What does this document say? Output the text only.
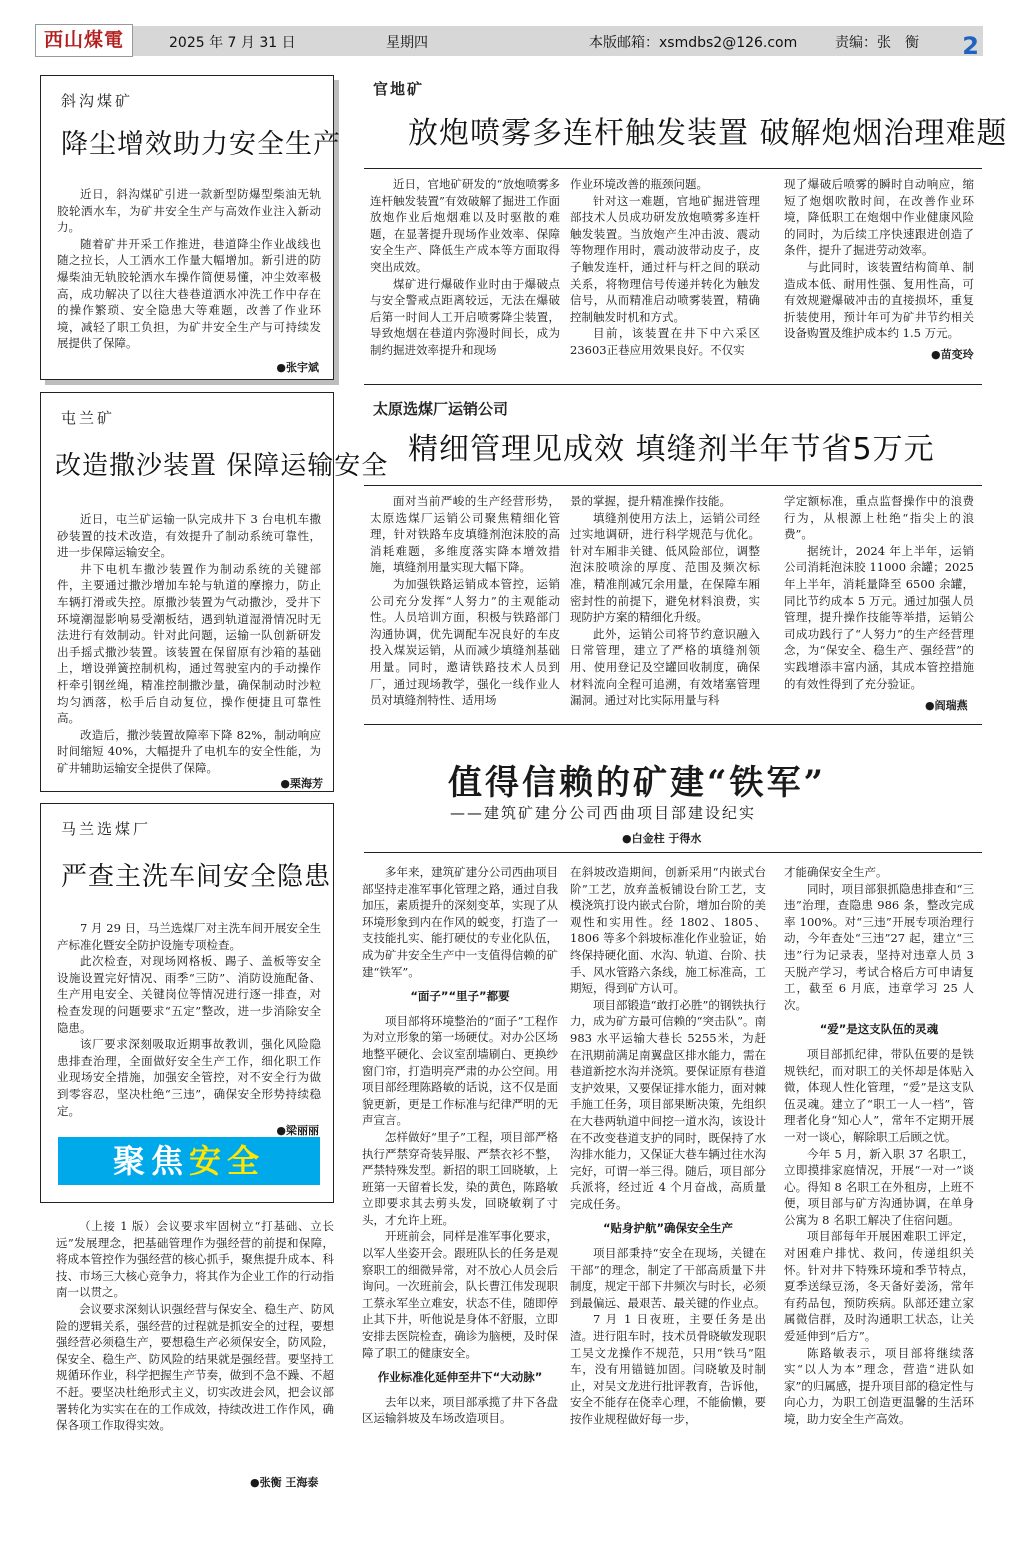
西山煤電	2025 年 7 月 31 日	星期四	本版邮箱：xsmdbs2@126.com	责编：张　衡 2
斜沟煤矿
降尘增效助力安全生产

近日，斜沟煤矿引进一款新型防爆型柴油无轨胶轮洒水车，为矿井安全生产与高效作业注入新动力。

随着矿井开采工作推进，巷道降尘作业战线也随之拉长，人工洒水工作量大幅增加。新引进的防爆柴油无轨胶轮洒水车操作简便易懂，冲尘效率极高，成功解决了以往大巷巷道洒水冲洗工作中存在的操作繁琐、安全隐患大等难题，改善了作业环境，减轻了职工负担，为矿井安全生产与可持续发展提供了保障。

●张宇斌
屯兰矿
改造撒沙装置 保障运输安全

近日，屯兰矿运输一队完成井下 3 台电机车撒砂装置的技术改造，有效提升了制动系统可靠性，进一步保障运输安全。

井下电机车撒沙装置作为制动系统的关键部件，主要通过撒沙增加车轮与轨道的摩擦力，防止车辆打滑或失控。原撒沙装置为气动撒沙，受井下环境潮湿影响易受潮板结，遇到轨道湿滑情况时无法进行有效制动。针对此问题，运输一队创新研发出手摇式撒沙装置。该装置在保留原有沙箱的基础上，增设弹簧控制机构，通过驾驶室内的手动操作杆牵引钢丝绳，精准控制撒沙量，确保制动时沙粒均匀洒落，松手后自动复位，操作便捷且可靠性高。

改造后，撒沙装置故障率下降 82%，制动响应时间缩短 40%，大幅提升了电机车的安全性能，为矿井辅助运输安全提供了保障。

●栗海芳
马兰选煤厂
严查主洗车间安全隐患

7 月 29 日，马兰选煤厂对主洗车间开展安全生产标准化暨安全防护设施专项检查。

此次检查，对现场网格板、踢子、盖板等安全设施设置完好情况、雨季“三防”、消防设施配备、生产用电安全、关键岗位等情况进行逐一排查，对检查发现的问题要求“五定”整改，进一步消除安全隐患。

该厂要求深刻吸取近期事故教训，强化风险隐患排查治理，全面做好安全生产工作，细化职工作业现场安全措施，加强安全管控，对不安全行为做到零容忍，坚决杜绝“三违”，确保安全形势持续稳定。

●梁丽丽
聚焦安全

（上接 1 版）会议要求牢固树立“打基础、立长远”发展理念，把基础管理作为强经营的前提和保障，将成本管控作为强经营的核心抓手，聚焦提升成本、科技、市场三大核心竞争力，将其作为企业工作的行动指南一以贯之。

会议要求深刻认识强经营与保安全、稳生产、防风险的逻辑关系，强经营的过程就是抓安全的过程，要想强经营必须稳生产，要想稳生产必须保安全，防风险，保安全、稳生产、防风险的结果就是强经营。要坚持工规循环作业，科学把握生产节奏，做到不急不躁、不超不赶。要坚决杜绝形式主义，切实改进会风，把会议部署转化为实实在在的工作成效，持续改进工作作风，确保各项工作取得实效。

●张衡 王海泰
官地矿
放炮喷雾多连杆触发装置 破解炮烟治理难题

近日，官地矿研发的“放炮喷雾多连杆触发装置”有效破解了掘进工作面放炮作业后炮烟难以及时驱散的难题，在显著提升现场作业效率、保障安全生产、降低生产成本等方面取得突出成效。

煤矿进行爆破作业时由于爆破点与安全警戒点距离较远，无法在爆破后第一时间人工开启喷雾降尘装置，导致炮烟在巷道内弥漫时间长，成为制约掘进效率提升和现场

作业环境改善的瓶颈问题。

针对这一难题，官地矿掘进管理部技术人员成功研发放炮喷雾多连杆触发装置。当放炮产生冲击波、震动等物理作用时，震动波带动皮子，皮子触发连杆，通过杆与杆之间的联动关系，将物理信号传递并转化为触发信号，从而精准启动喷雾装置，精确控制触发时机和方式。

目前，该装置在井下中六采区23603正巷应用效果良好。不仅实

现了爆破后喷雾的瞬时自动响应，缩短了炮烟吹散时间，在改善作业环境，降低职工在炮烟中作业健康风险的同时，为后续工序快速跟进创造了条件，提升了掘进劳动效率。

与此同时，该装置结构简单、制造成本低、耐用性强、复用性高，可有效规避爆破冲击的直接损坏，重复折装使用，预计年可为矿井节约相关设备购置及维护成本约 1.5 万元。

●苗变玲
太原选煤厂运销公司
精细管理见成效 填缝剂半年节省5万元

面对当前严峻的生产经营形势，太原选煤厂运销公司聚焦精细化管理，针对铁路车皮填缝剂泡沫胶的高消耗难题，多维度落实降本增效措施，填缝剂用量实现大幅下降。

为加强铁路运销成本管控，运销公司充分发挥“人努力”的主观能动性。人员培训方面，积极与铁路部门沟通协调，优先调配车况良好的车皮投入煤炭运销，从而减少填缝剂基础用量。同时，邀请铁路技术人员到厂，通过现场教学，强化一线作业人员对填缝剂特性、适用场

景的掌握，提升精准操作技能。

填缝剂使用方法上，运销公司经过实地调研，进行科学规范与优化。针对车厢非关键、低风险部位，调整泡沫胶喷涂的厚度、范围及频次标准，精准削减冗余用量，在保障车厢密封性的前提下，避免材料浪费，实现防护方案的精细化升级。

此外，运销公司将节约意识融入日常管理，建立了严格的填缝剂领用、使用登记及空罐回收制度，确保材料流向全程可追溯，有效堵塞管理漏洞。通过对比实际用量与科

学定额标准，重点监督操作中的浪费行为，从根源上杜绝“指尖上的浪费”。

据统计，2024 年上半年，运销公司消耗泡沫胶 11000 余罐；2025年上半年，消耗量降至 6500 余罐，同比节约成本 5 万元。通过加强人员管理，提升操作技能等举措，运销公司成功践行了“人努力”的生产经营理念，为“保安全、稳生产、强经营”的实践增添丰富内涵，其成本管控措施的有效性得到了充分验证。

●阎瑞燕
值得信赖的矿建“铁军”
——建筑矿建分公司西曲项目部建设纪实
●白金柱 于得水

多年来，建筑矿建分公司西曲项目部坚持走准军事化管理之路，通过自我加压，素质提升的深刻变革，实现了从环境形象到内在作风的蜕变，打造了一支技能扎实、能打硬仗的专业化队伍，成为矿井安全生产中一支值得信赖的矿建“铁军”。

“面子”“里子”都要

项目部将环境整治的“面子”工程作为对立形象的第一场硬仗。对办公区场地整平硬化、会议室刮墙刷白、更换纱窗门帘，打造明亮严肃的办公空间。用项目部经理陈路敏的话说，这不仅是面貌更新，更是工作标准与纪律严明的无声宣言。

怎样做好“里子”工程，项目部严格执行严禁穿奇装异服、严禁衣衫不整，严禁特殊发型。新招的职工回晓敏，上班第一天留着长发，染的黄色，陈路敏立即要求其去剪头发，回晓敏剃了寸头，才允许上班。

开班前会，同样是准军事化要求，以军人坐姿开会。跟班队长的任务是观察职工的细微异常，对不放心人员会后询问。一次班前会，队长曹江伟发现职工蔡永军坐立难安，状态不佳，随即停止其下井，听他说是身体不舒服，立即安排去医院检查，确诊为脑梗，及时保障了职工的健康安全。

作业标准化延伸至井下“大动脉”

去年以来，项目部承揽了井下各盘区运输斜坡及车场改造项目。

在斜坡改造期间，创新采用“内嵌式台阶”工艺，放弃盖板铺设台阶工艺，支模浇筑打设内嵌式台阶，增加台阶的美观性和实用性。经 1802、1805、1806 等多个斜坡标准化作业验证，始终保持硬化面、水沟、轨道、台阶、扶手、风水管路六条线，施工标准高，工期短，得到矿方认可。

项目部锻造“敢打必胜”的钢铁执行力，成为矿方最可信赖的“突击队”。南 983 水平运输大巷长 5255米，为赶在汛期前满足南翼盘区排水能力，需在巷道新挖水沟并浇筑。要保证原有巷道支护效果，又要保证排水能力，面对棘手施工任务，项目部果断决策，先组织在大巷两轨道中间挖一道水沟，该设计在不改变巷道支护的同时，既保持了水沟排水能力，又保证大巷车辆过往水沟完好，可谓一举三得。随后，项目部分兵派将，经过近 4 个月奋战，高质量完成任务。

“贴身护航”确保安全生产

项目部秉持“安全在现场，关键在干部”的理念，制定了干部高质量下井制度，规定干部下井频次与时长，必须到最偏远、最艰苦、最关键的作业点。

7 月 1 日夜班，主要任务是出渣。进行阻车时，技术员骨晓敏发现职工吴文龙操作不规范，只用“铁马”阻车，没有用锚链加固。闫晓敏及时制止，对吴文龙进行批评教育，告诉他，安全不能存在侥幸心理，不能偷懒，要按作业规程做好每一步，

才能确保安全生产。

同时，项目部狠抓隐患排查和“三违”治理，查隐患 986 条，整改完成率 100%。对“三违”开展专项治理行动，今年查处“三违”27 起，建立“三违”行为记录表，坚持对违章人员 3 天脱产学习，考试合格后方可申请复工，截至 6 月底，违章学习 25 人次。

“爱”是这支队伍的灵魂

项目部抓纪律，带队伍要的是铁规铁纪，而对职工的关怀却是体贴入微，体现人性化管理，“爱”是这支队伍灵魂。建立了“职工一人一档”，管理者化身“知心人”，常年不定期开展一对一谈心，解除职工后顾之忧。

今年 5 月，新入职 37 名职工，立即摸排家庭情况，开展“一对一”谈心。得知 8 名职工在外租房，上班不便，项目部与矿方沟通协调，在单身公寓为 8 名职工解决了住宿问题。

项目部每年开展困难职工评定，对困难户排忧、救问，传递组织关怀。针对井下特殊环境和季节特点，夏季送绿豆汤，冬天备好姜汤，常年有药品包，预防疾病。队部还建立家属微信群，及时沟通职工状态，让关爱延伸到“后方”。

陈路敏表示，项目部将继续落实“以人为本”理念，营造“进队如家”的归属感，提升项目部的稳定性与向心力，为职工创造更温馨的生活环境，助力安全生产高效。
